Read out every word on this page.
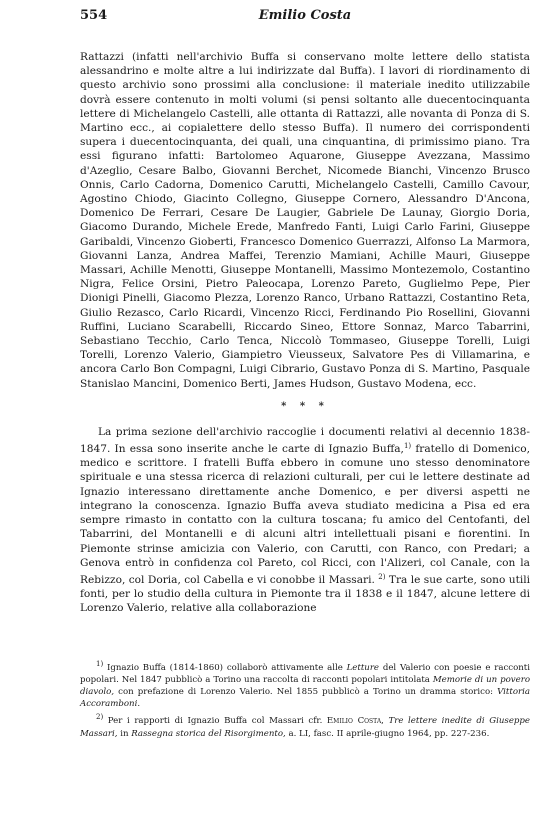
554	Emilio Costa

Rattazzi (infatti nell'archivio Buffa si conservano molte lettere dello statista alessandrino e molte altre a lui indirizzate dal Buffa). I lavori di riordinamento di questo archivio sono prossimi alla conclusione: il materiale inedito utilizzabile dovrà essere contenuto in molti volumi (si pensi soltanto alle duecentocinquanta lettere di Michelangelo Castelli, alle ottanta di Rattazzi, alle novanta di Ponza di S. Martino ecc., ai copialettere dello stesso Buffa). Il numero dei corrispondenti supera i duecentocinquanta, dei quali, una cinquantina, di primissimo piano. Tra essi figurano infatti: Bartolomeo Aquarone, Giuseppe Avezzana, Massimo d'Azeglio, Cesare Balbo, Giovanni Berchet, Nicomede Bianchi, Vincenzo Brusco Onnis, Carlo Cadorna, Domenico Carutti, Michelangelo Castelli, Camillo Cavour, Agostino Chiodo, Giacinto Collegno, Giuseppe Cornero, Alessandro D'Ancona, Domenico De Ferrari, Cesare De Laugier, Gabriele De Launay, Giorgio Doria, Giacomo Durando, Michele Erede, Manfredo Fanti, Luigi Carlo Farini, Giuseppe Garibaldi, Vincenzo Gioberti, Francesco Domenico Guerrazzi, Alfonso La Marmora, Giovanni Lanza, Andrea Maffei, Terenzio Mamiani, Achille Mauri, Giuseppe Massari, Achille Menotti, Giuseppe Montanelli, Massimo Montezemolo, Costantino Nigra, Felice Orsini, Pietro Paleocapa, Lorenzo Pareto, Guglielmo Pepe, Pier Dionigi Pinelli, Giacomo Plezza, Lorenzo Ranco, Urbano Rattazzi, Costantino Reta, Giulio Rezasco, Carlo Ricardi, Vincenzo Ricci, Ferdinando Pio Rosellini, Giovanni Ruffini, Luciano Scarabelli, Riccardo Sineo, Ettore Sonnaz, Marco Tabarrini, Sebastiano Tecchio, Carlo Tenca, Niccolò Tommaseo, Giuseppe Torelli, Luigi Torelli, Lorenzo Valerio, Giampietro Vieusseux, Salvatore Pes di Villamarina, e ancora Carlo Bon Compagni, Luigi Cibrario, Gustavo Ponza di S. Martino, Pasquale Stanislao Mancini, Domenico Berti, James Hudson, Gustavo Modena, ecc.

* * *

La prima sezione dell'archivio raccoglie i documenti relativi al decennio 1838-1847. In essa sono inserite anche le carte di Ignazio Buffa,$^{1)}$ fratello di Domenico, medico e scrittore. I fratelli Buffa ebbero in comune uno stesso denominatore spirituale e una stessa ricerca di relazioni culturali, per cui le lettere destinate ad Ignazio interessano direttamente anche Domenico, e per diversi aspetti ne integrano la conoscenza. Ignazio Buffa aveva studiato medicina a Pisa ed era sempre rimasto in contatto con la cultura toscana; fu amico del Centofanti, del Tabarrini, del Montanelli e di alcuni altri intellettuali pisani e fiorentini. In Piemonte strinse amicizia con Valerio, con Carutti, con Ranco, con Predari; a Genova entrò in confidenza col Pareto, col Ricci, con l'Alizeri, col Canale, con la Rebizzo, col Doria, col Cabella e vi conobbe il Massari. $^{2)}$ Tra le sue carte, sono utili fonti, per lo studio della cultura in Piemonte tra il 1838 e il 1847, alcune lettere di Lorenzo Valerio, relative alla collaborazione

$^{1)}$ Ignazio Buffa (1814-1860) collaborò attivamente alle Letture del Valerio con poesie e racconti popolari. Nel 1847 pubblicò a Torino una raccolta di racconti popolari intitolata Memorie di un povero diavolo, con prefazione di Lorenzo Valerio. Nel 1855 pubblicò a Torino un dramma storico: Vittoria Accoramboni.

$^{2)}$ Per i rapporti di Ignazio Buffa col Massari cfr. Emilio Costa, Tre lettere inedite di Giuseppe Massari, in Rassegna storica del Risorgimento, a. LI, fasc. II aprile-giugno 1964, pp. 227-236.
